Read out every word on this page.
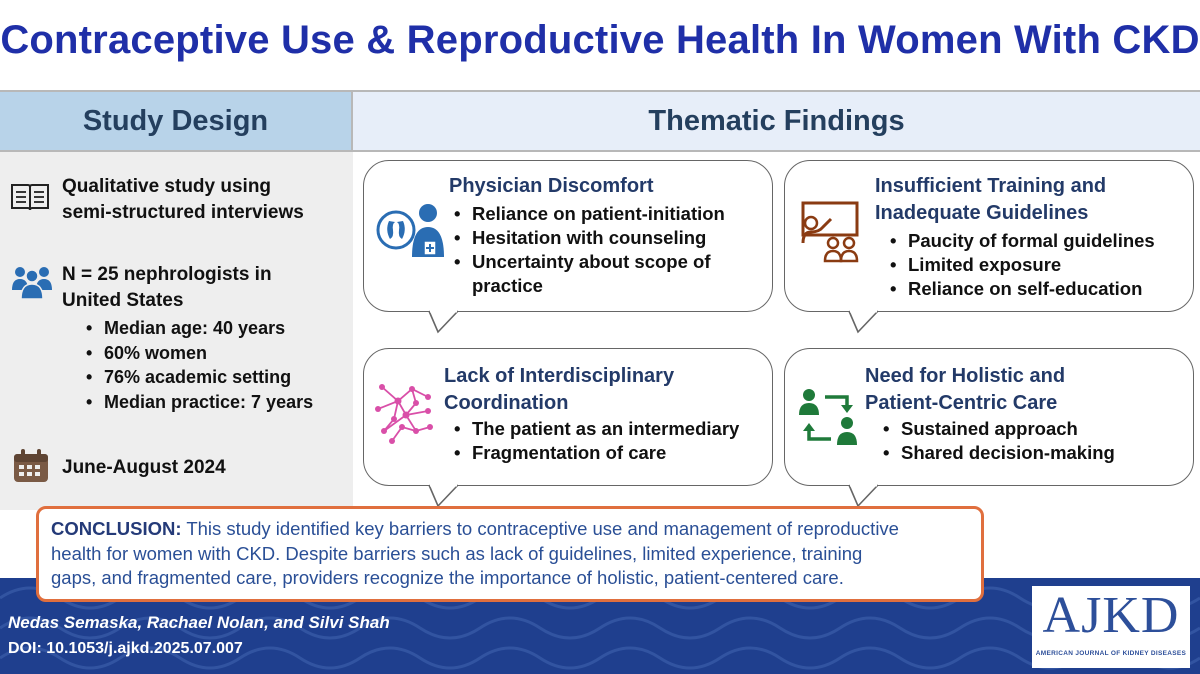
Contraceptive Use & Reproductive Health In Women With CKD
Study Design	Thematic Findings
Qualitative study using
semi-structured interviews
N = 25 nephrologists in
United States
• Median age: 40 years
• 60% women
• 76% academic setting
• Median practice: 7 years
June-August 2024
Physician Discomfort
• Reliance on patient-initiation
• Hesitation with counseling
• Uncertainty about scope of
practice
Insufficient Training and
Inadequate Guidelines
• Paucity of formal guidelines
• Limited exposure
• Reliance on self-education
Lack of Interdisciplinary
Coordination
• The patient as an intermediary
• Fragmentation of care
Need for Holistic and
Patient-Centric Care
• Sustained approach
• Shared decision-making
CONCLUSION: This study identified key barriers to contraceptive use and management of reproductive
health for women with CKD. Despite barriers such as lack of guidelines, limited experience, training
gaps, and fragmented care, providers recognize the importance of holistic, patient-centered care.
Nedas Semaska, Rachael Nolan, and Silvi Shah
DOI: 10.1053/j.ajkd.2025.07.007
AJKD
AMERICAN JOURNAL OF KIDNEY DISEASES
